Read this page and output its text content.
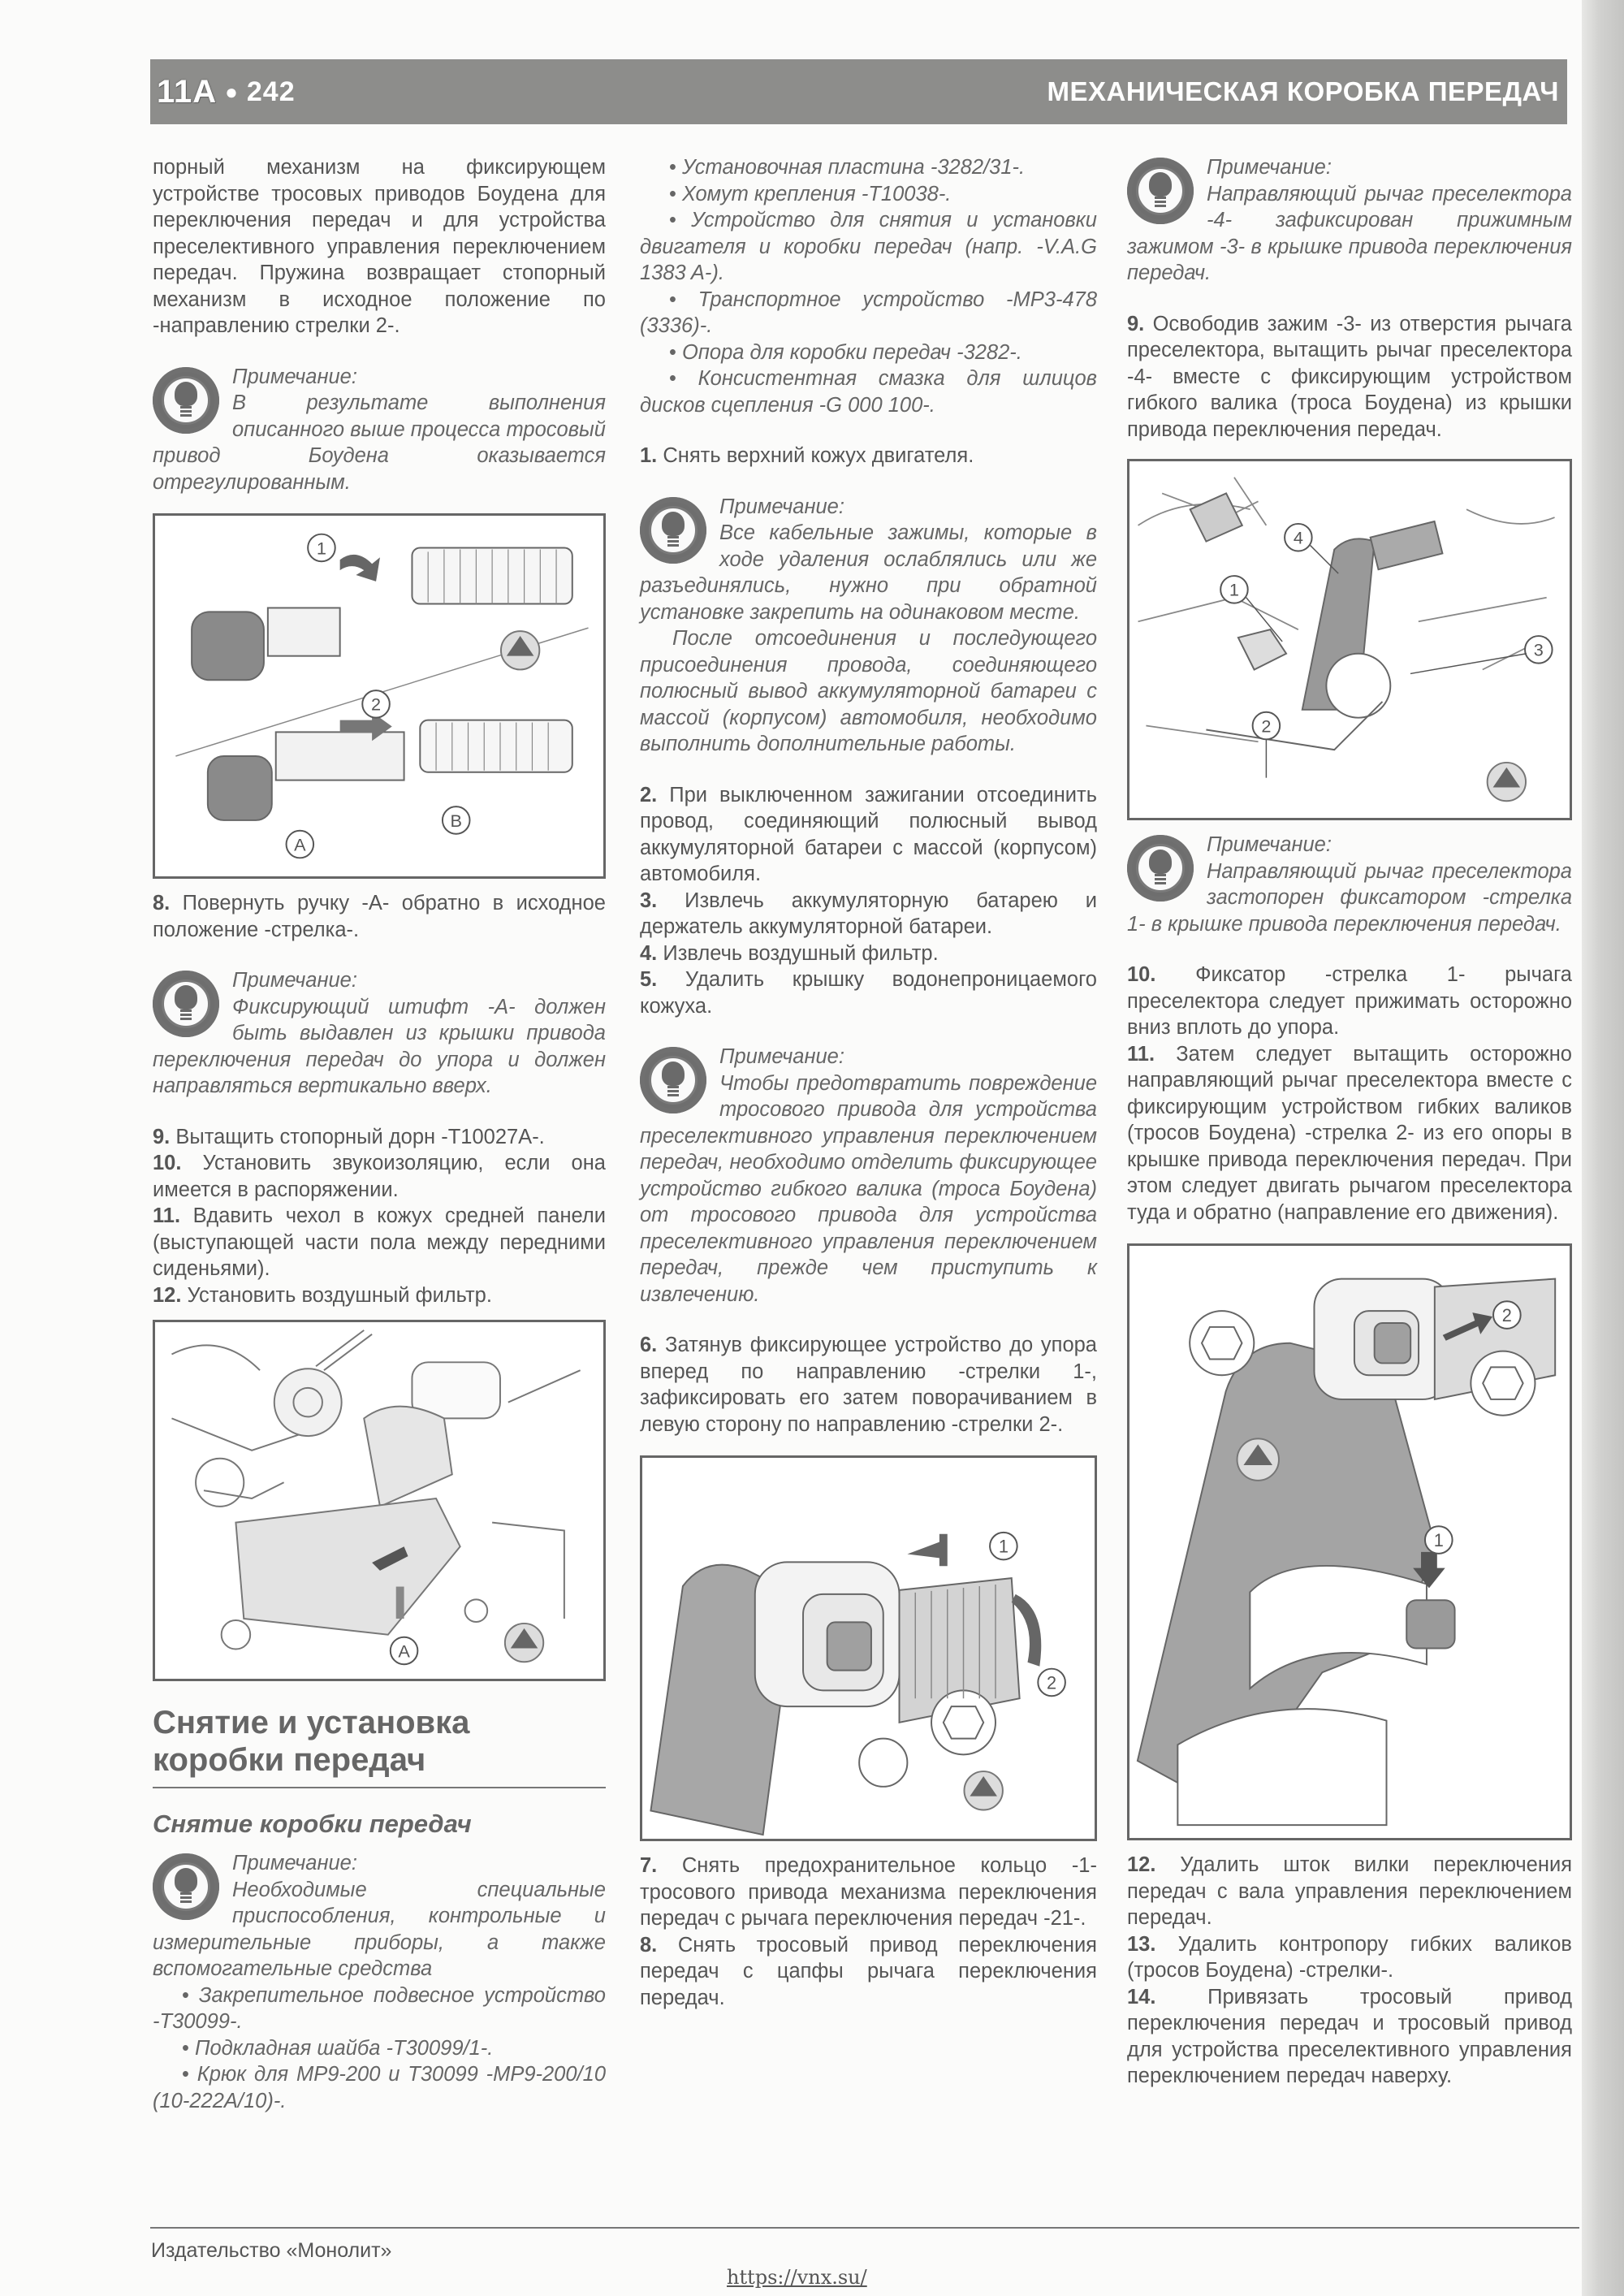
11A ● 242	МЕХАНИЧЕСКАЯ КОРОБКА ПЕРЕДАЧ

порный механизм на фиксирующем устройстве тросовых приводов Боудена для переключения передач и для устройства преселективного управления переключением передач. Пружина возвращает стопорный механизм в исходное положение по -направлению стрелки 2-.

Примечание:

В результате выполнения описанного выше процесса тросовый привод Боудена оказывается отрегулированным.

1
2
A
B

8. Повернуть ручку -А- обратно в исходное положение -стрелка-.

Примечание:

Фиксирующий штифт -А- должен быть выдавлен из крышки привода переключения передач до упора и должен направляться вертикально вверх.

9. Вытащить стопорный дорн -T10027A-.

10. Установить звукоизоляцию, если она имеется в распоряжении.

11. Вдавить чехол в кожух средней панели (выступающей части пола между передними сиденьями).

12. Установить воздушный фильтр.

A
Снятие и установка коробки передач
Снятие коробки передач

Примечание:

Необходимые специальные приспособления, контрольные и измерительные приборы, а также вспомогательные средства

• Закрепительное подвесное устройство -T30099-.
• Подкладная шайба -T30099/1-.
• Крюк для MP9-200 и T30099 -MP9-200/10 (10-222A/10)-.
• Установочная пластина -3282/31-.
• Хомут крепления -T10038-.
• Устройство для снятия и установки двигателя и коробки передач (напр. -V.A.G 1383 A-).
• Транспортное устройство -MP3-478 (3336)-.
• Опора для коробки передач -3282-.
• Консистентная смазка для шлицов дисков сцепления -G 000 100-.

1. Снять верхний кожух двигателя.

Примечание:

Все кабельные зажимы, которые в ходе удаления ослаблялись или же разъединялись, нужно при обратной установке закрепить на одинаковом месте.

После отсоединения и последующего присоединения провода, соединяющего полюсный вывод аккумуляторной батареи с массой (корпусом) автомобиля, необходимо выполнить дополнительные работы.

2. При выключенном зажигании отсоединить провод, соединяющий полюсный вывод аккумуляторной батареи с массой (корпусом) автомобиля.

3. Извлечь аккумуляторную батарею и держатель аккумуляторной батареи.

4. Извлечь воздушный фильтр.

5. Удалить крышку водонепроницаемого кожуха.

Примечание:

Чтобы предотвратить повреждение тросового привода для устройства преселективного управления переключением передач, необходимо отделить фиксирующее устройство гибкого валика (троса Боудена) от тросового привода для устройства преселективного управления переключением передач, прежде чем приступить к извлечению.

6. Затянув фиксирующее устройство до упора вперед по направлению -стрелки 1-, зафиксировать его затем поворачиванием в левую сторону по направлению -стрелки 2-.

1
2

7. Снять предохранительное кольцо -1- тросового привода механизма переключения передач с рычага переключения передач -21-.

8. Снять тросовый привод переключения передач с цапфы рычага переключения передач.

Примечание:

Направляющий рычаг преселектора -4- зафиксирован прижимным зажимом -3- в крышке привода переключения передач.

9. Освободив зажим -3- из отверстия рычага преселектора, вытащить рычаг преселектора -4- вместе с фиксирующим устройством гибкого валика (троса Боудена) из крышки привода переключения передач.

1
2
3
4

Примечание:

Направляющий рычаг преселектора застопорен фиксатором -стрелка 1- в крышке привода переключения передач.

10. Фиксатор -стрелка 1- рычага преселектора следует прижимать осторожно вниз вплоть до упора.

11. Затем следует вытащить осторожно направляющий рычаг преселектора вместе с фиксирующим устройством гибких валиков (тросов Боудена) -стрелка 2- из его опоры в крышке привода переключения передач. При этом следует двигать рычагом преселектора туда и обратно (направление его движения).

1
2

12. Удалить шток вилки переключения передач с вала управления переключением передач.

13. Удалить контропору гибких валиков (тросов Боудена) -стрелки-.

14. Привязать тросовый привод переключения передач и тросовый привод для устройства преселективного управления переключением передач наверху.

Издательство «Монолит»
https://vnx.su/
